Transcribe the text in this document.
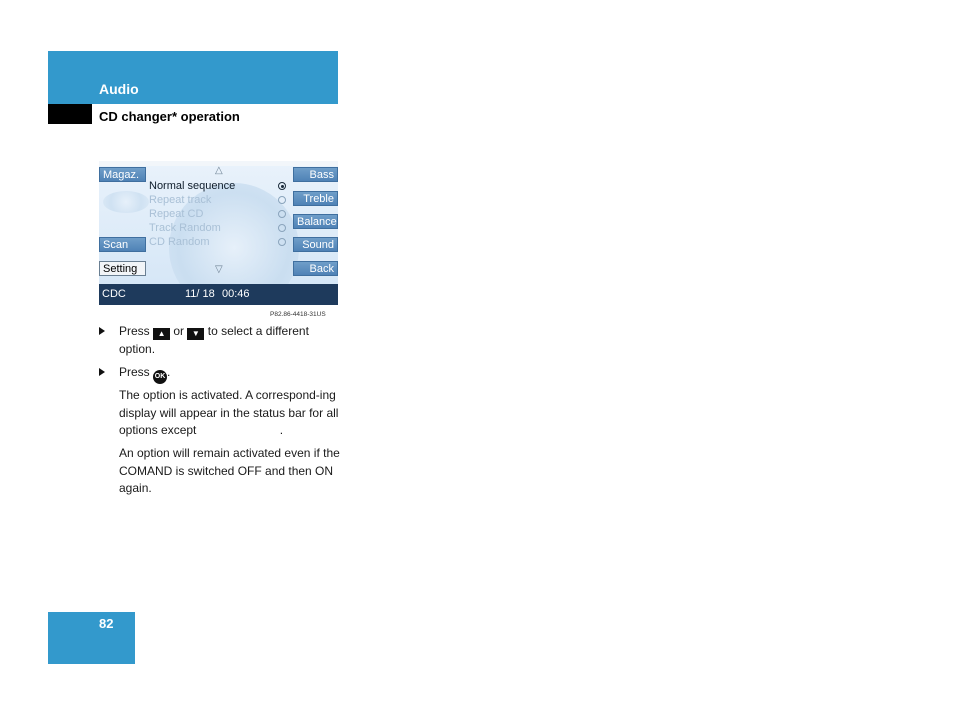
Audio
CD changer* operation
Magaz.
Scan
Setting
Bass
Treble
Balance
Sound
Back
△
▽
Normal sequence
Repeat track
Repeat CD
Track Random
CD Random
CDC	11/ 18 00:46
P82.86-4418-31US
Press ▲ or ▼ to select a different option.
Press OK .
The option is activated. A correspond-ing display will appear in the status bar for all options except	.
An option will remain activated even if the COMAND is switched OFF and then ON again.
82
